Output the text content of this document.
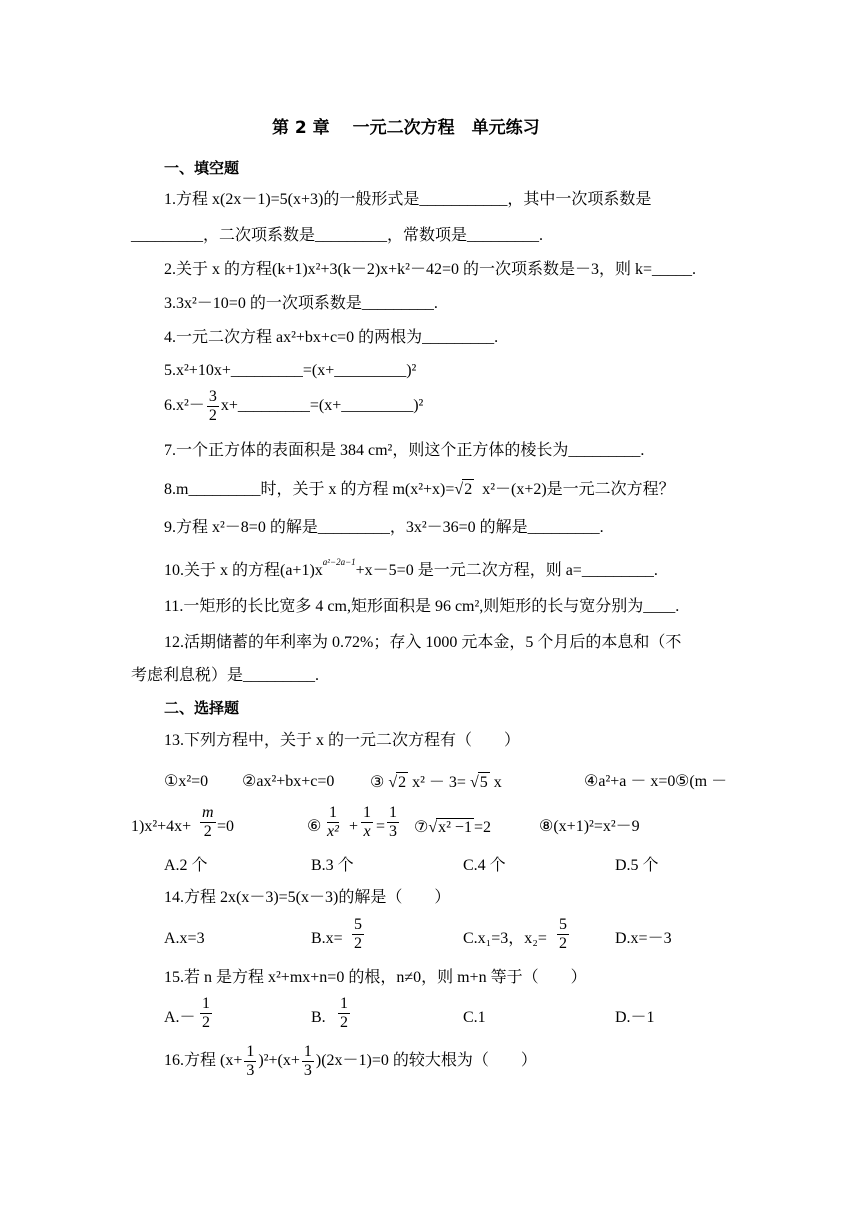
第 2 章　 一元二次方程　单元练习
一、填空题
1.方程 x(2x－1)=5(x+3)的一般形式是___________，其中一次项系数是
_________，二次项系数是_________，常数项是_________.
2.关于 x 的方程(k+1)x²+3(k－2)x+k²－42=0 的一次项系数是－3，则 k=_____.
3.3x²－10=0 的一次项系数是_________.
4.一元二次方程 ax²+bx+c=0 的两根为_________.
5.x²+10x+_________=(x+_________)²
$6.x^2- \frac{3}{2}$ x+_________=(x+_________)²
7.一个正方体的表面积是 384 cm²，则这个正方体的棱长为_________.
8.m_________时，关于 x 的方程 m(x²+x)=√2 x²－(x+2)是一元二次方程？
9.方程 x²－8=0 的解是_________，3x²－36=0 的解是_________.
10.关于 x 的方程$(a+1)x^{a^2-2a-1}+x-5=0$ 是一元二次方程，则 a=_________.
11.一矩形的长比宽多 4 cm,矩形面积是 96 cm²,则矩形的长与宽分别为____.
12.活期储蓄的年利率为 0.72%；存入 1000 元本金，5 个月后的本息和（不
考虑利息税）是_________.
二、选择题
13.下列方程中，关于 x 的一元二次方程有（　　）
①x²=0 ②ax²+bx+c=0 ③ √2 x² － 3= √5 x	④a²+a － x=0 ⑤(m －
$1)x^2+4x+ \frac{m}{2} =0$	⑥ $\frac{1}{\text{x²}} + \frac{1}{x} = \frac{1}{3}$ ⑦√x² −1 =2	⑧(x+1)²=x²－9
A.2 个	B.3 个	C.4 个	D.5 个
14.方程 2x(x－3)=5(x－3)的解是（　　）
A.x=3	$B.x= \frac{5}{2}$	C.x₁=3，$x_2= \frac{5}{2}$	D.x=－3
15.若 n 是方程 x²+mx+n=0 的根，n≠0，则 m+n 等于（　　）
$A.- \frac{1}{2}$	B. $\frac{1}{2}$	C.1	D.－1
16.方程 $(x+ \frac{1}{3} )^2+(x+ \frac{1}{3} )(2x-1)=0$ 的较大根为（　　）
